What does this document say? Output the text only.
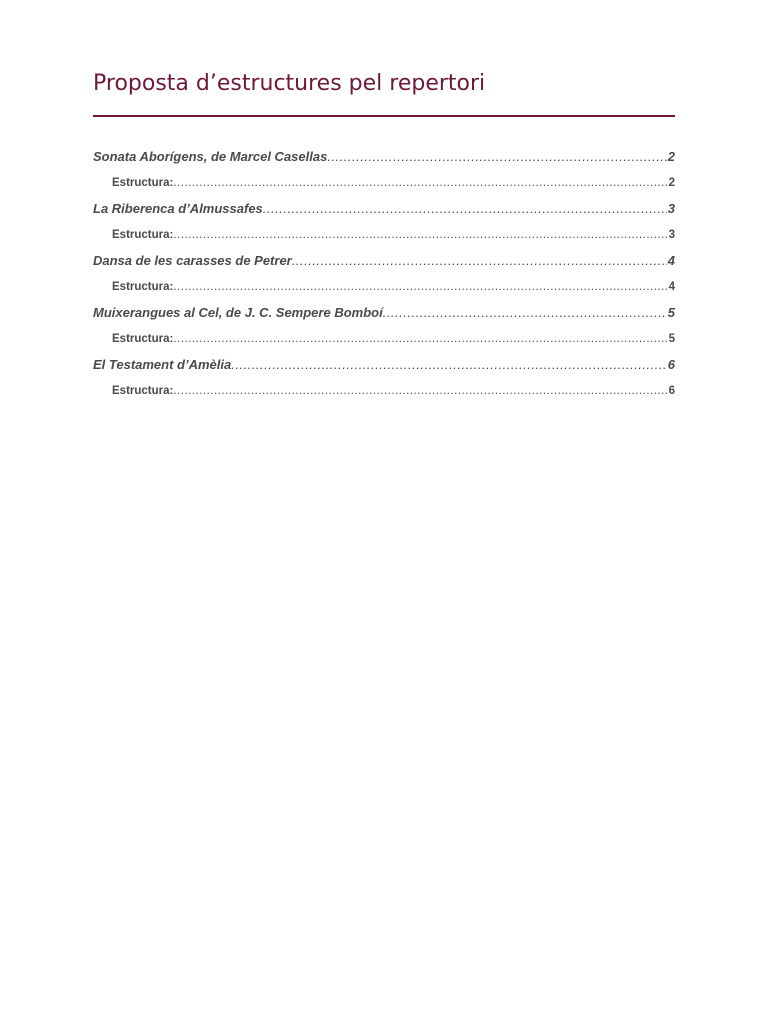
Proposta d’estructures pel repertori
Sonata Aborígens, de Marcel Casellas .....	2
Estructura: .....	2
La Riberenca d’Almussafes .....	3
Estructura: .....	3
Dansa de les carasses de Petrer .....	4
Estructura: .....	4
Muixerangues al Cel, de J. C. Sempere Bomboí .....	5
Estructura: .....	5
El Testament d’Amèlia .....	6
Estructura: .....	6
